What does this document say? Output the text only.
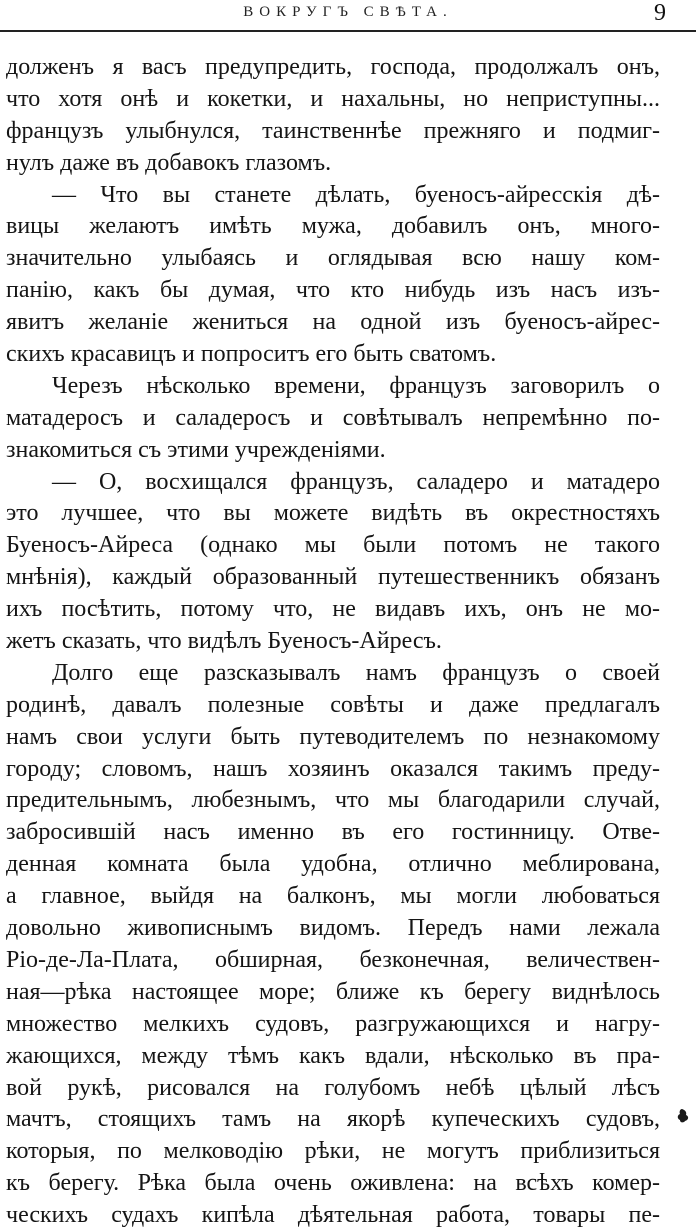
ВОКРУГЪ СВѢТА.	9
долженъ я васъ предупредить, господа, продолжалъ онъ,
что хотя онѣ и кокетки, и нахальны, но неприступны...
французъ улыбнулся, таинственнѣе прежняго и подмиг-
нулъ даже въ добавокъ глазомъ.
— Что вы станете дѣлать, буеносъ-айресскія дѣ-
вицы желаютъ имѣть мужа, добавилъ онъ, много-
значительно улыбаясь и оглядывая всю нашу ком-
панію, какъ бы думая, что кто нибудь изъ насъ изъ-
явитъ желаніе жениться на одной изъ буеносъ-айрес-
скихъ красавицъ и попроситъ его быть сватомъ.
Черезъ нѣсколько времени, французъ заговорилъ о
матадеросъ и саладеросъ и совѣтывалъ непремѣнно по-
знакомиться съ этими учрежденіями.
— О, восхищался французъ, саладеро и матадеро
это лучшее, что вы можете видѣть въ окрестностяхъ
Буеносъ-Айреса (однако мы были потомъ не такого
мнѣнія), каждый образованный путешественникъ обязанъ
ихъ посѣтить, потому что, не видавъ ихъ, онъ не мо-
жетъ сказать, что видѣлъ Буеносъ-Айресъ.
Долго еще разсказывалъ намъ французъ о своей
родинѣ, давалъ полезные совѣты и даже предлагалъ
намъ свои услуги быть путеводителемъ по незнакомому
городу; словомъ, нашъ хозяинъ оказался такимъ преду-
предительнымъ, любезнымъ, что мы благодарили случай,
забросившій насъ именно въ его гостинницу. Отве-
денная комната была удобна, отлично меблирована,
а главное, выйдя на балконъ, мы могли любоваться
довольно живописнымъ видомъ. Передъ нами лежала
Ріо-де-Ла-Плата, обширная, безконечная, величествен-
ная—рѣка настоящее море; ближе къ берегу виднѣлось
множество мелкихъ судовъ, разгружающихся и нагру-
жающихся, между тѣмъ какъ вдали, нѣсколько въ пра-
вой рукѣ, рисовался на голубомъ небѣ цѣлый лѣсъ
мачтъ, стоящихъ тамъ на якорѣ купеческихъ судовъ,
которыя, по мелководію рѣки, не могутъ приблизиться
къ берегу. Рѣка была очень оживлена: на всѣхъ комер-
ческихъ судахъ кипѣла дѣятельная работа, товары пе-
